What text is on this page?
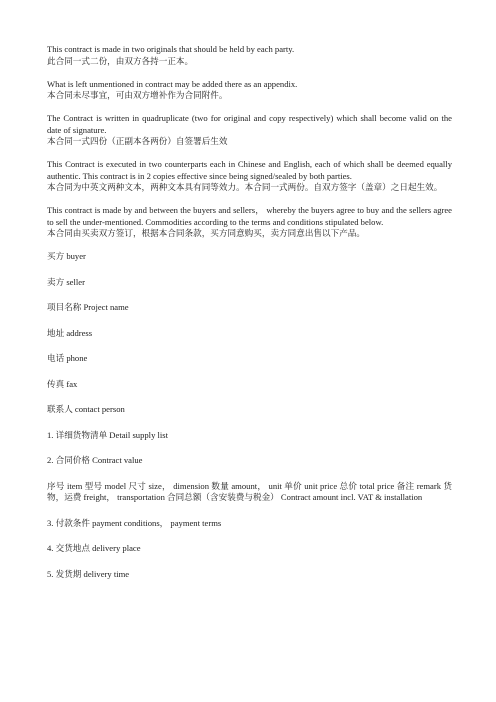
This contract is made in two originals that should be held by each party.
此合同一式二份，由双方各持一正本。

What is left unmentioned in contract may be added there as an appendix.
本合同未尽事宜，可由双方增补作为合同附件。

The Contract is written in quadruplicate (two for original and copy respectively) which shall become valid on the date of signature.
本合同一式四份（正副本各两份）自签署后生效

This Contract is executed in two counterparts each in Chinese and English, each of which shall be deemed equally authentic. This contract is in 2 copies effective since being signed/sealed by both parties.
本合同为中英文两种文本，两种文本具有同等效力。本合同一式两份。自双方签字（盖章）之日起生效。

This contract is made by and between the buyers and sellers， whereby the buyers agree to buy and the sellers agree to sell the under-mentioned. Commodities according to the terms and conditions stipulated below.
本合同由买卖双方签订，根据本合同条款，买方同意购买，卖方同意出售以下产品。

买方 buyer

卖方 seller

项目名称 Project name

地址 address

电话 phone

传真 fax

联系人 contact person

1. 详细货物清单 Detail supply list

2. 合同价格 Contract value

序号 item 型号 model 尺寸 size， dimension 数量 amount， unit 单价 unit price 总价 total price 备注 remark 货物，运费 freight， transportation 合同总额（含安装费与税金） Contract amount incl. VAT & installation

3. 付款条件 payment conditions， payment terms

4. 交货地点 delivery place

5. 发货期 delivery time
